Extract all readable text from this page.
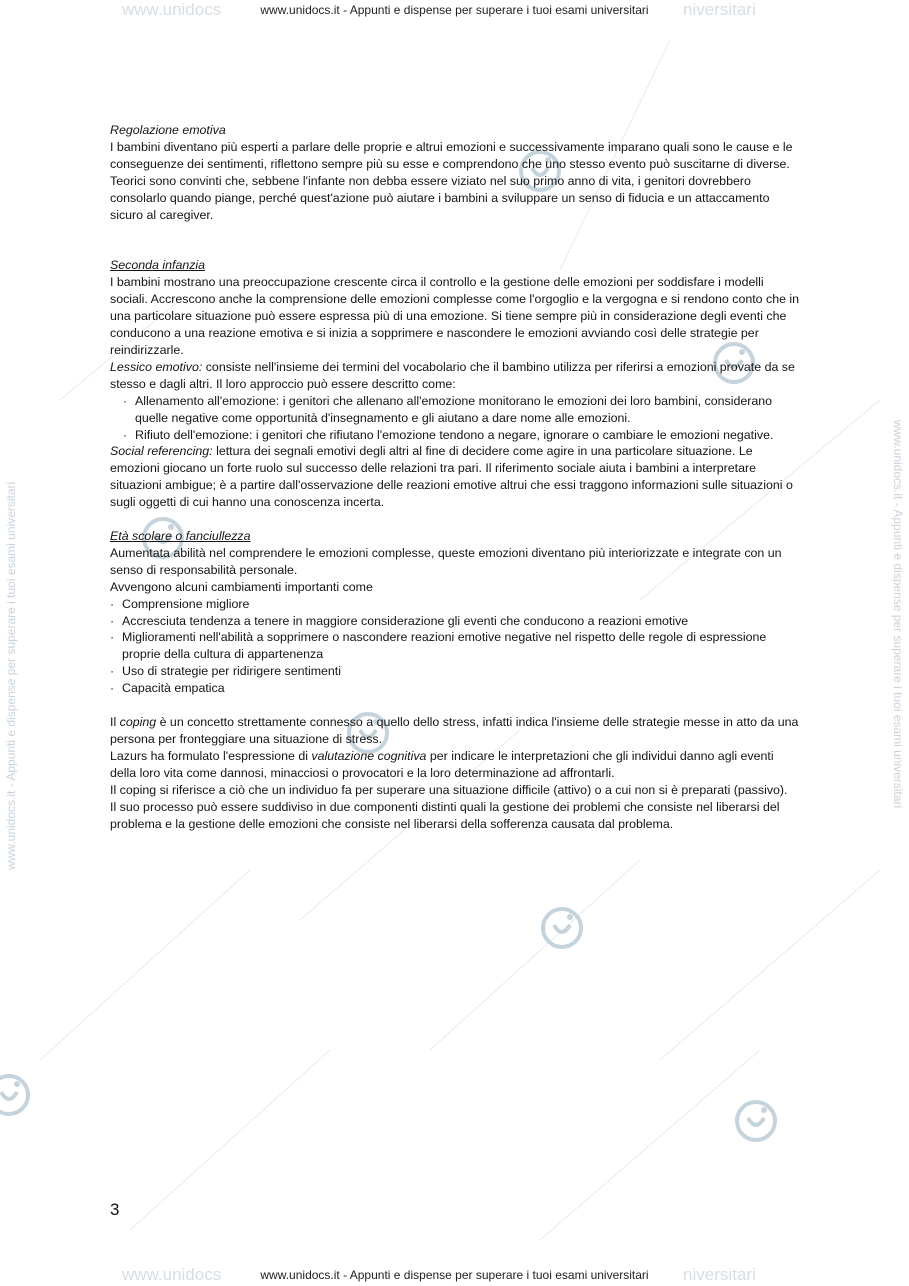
www.unidocs	www.unidocs.it - Appunti e dispense per superare i tuoi esami universitari niversitari
www.unidocs.it - Appunti e dispense per superare i tuoi esami universitari	www.unidocs.it - Appunti e dispense per superare i tuoi esami universitari

Regolazione emotiva

I bambini diventano più esperti a parlare delle proprie e altrui emozioni e successivamente imparano quali sono le cause e le conseguenze dei sentimenti, riflettono sempre più su esse e comprendono che uno stesso evento può suscitarne di diverse.

Teorici sono convinti che, sebbene l'infante non debba essere viziato nel suo primo anno di vita, i genitori dovrebbero consolarlo quando piange, perché quest'azione può aiutare i bambini a sviluppare un senso di fiducia e un attaccamento sicuro al caregiver.

Seconda infanzia

I bambini mostrano una preoccupazione crescente circa il controllo e la gestione delle emozioni per soddisfare i modelli sociali. Accrescono anche la comprensione delle emozioni complesse come l'orgoglio e la vergogna e si rendono conto che in una particolare situazione può essere espressa più di una emozione. Si tiene sempre più in considerazione degli eventi che conducono a una reazione emotiva e si inizia a sopprimere e nascondere le emozioni avviando così delle strategie per reindirizzarle.

Lessico emotivo: consiste nell'insieme dei termini del vocabolario che il bambino utilizza per riferirsi a emozioni provate da se stesso e dagli altri. Il loro approccio può essere descritto come:

· Allenamento all'emozione: i genitori che allenano all'emozione monitorano le emozioni dei loro bambini, considerano quelle negative come opportunità d'insegnamento e gli aiutano a dare nome alle emozioni.
· Rifiuto dell'emozione: i genitori che rifiutano l'emozione tendono a negare, ignorare o cambiare le emozioni negative.

Social referencing: lettura dei segnali emotivi degli altri al fine di decidere come agire in una particolare situazione. Le emozioni giocano un forte ruolo sul successo delle relazioni tra pari. Il riferimento sociale aiuta i bambini a interpretare situazioni ambigue; è a partire dall'osservazione delle reazioni emotive altrui che essi traggono informazioni sulle situazioni o sugli oggetti di cui hanno una conoscenza incerta.

Età scolare o fanciullezza

Aumentata abilità nel comprendere le emozioni complesse, queste emozioni diventano più interiorizzate e integrate con un senso di responsabilità personale.

Avvengono alcuni cambiamenti importanti come

· Comprensione migliore
· Accresciuta tendenza a tenere in maggiore considerazione gli eventi che conducono a reazioni emotive
· Miglioramenti nell'abilità a sopprimere o nascondere reazioni emotive negative nel rispetto delle regole di espressione proprie della cultura di appartenenza
· Uso di strategie per ridirigere sentimenti
· Capacità empatica

Il coping è un concetto strettamente connesso a quello dello stress, infatti indica l'insieme delle strategie messe in atto da una persona per fronteggiare una situazione di stress.

Lazurs ha formulato l'espressione di valutazione cognitiva per indicare le interpretazioni che gli individui danno agli eventi della loro vita come dannosi, minacciosi o provocatori e la loro determinazione ad affrontarli.

Il coping si riferisce a ciò che un individuo fa per superare una situazione difficile (attivo) o a cui non si è preparati (passivo).

Il suo processo può essere suddiviso in due componenti distinti quali la gestione dei problemi che consiste nel liberarsi del problema e la gestione delle emozioni che consiste nel liberarsi della sofferenza causata dal problema.

3
www.unidocs	www.unidocs.it - Appunti e dispense per superare i tuoi esami universitari niversitari
